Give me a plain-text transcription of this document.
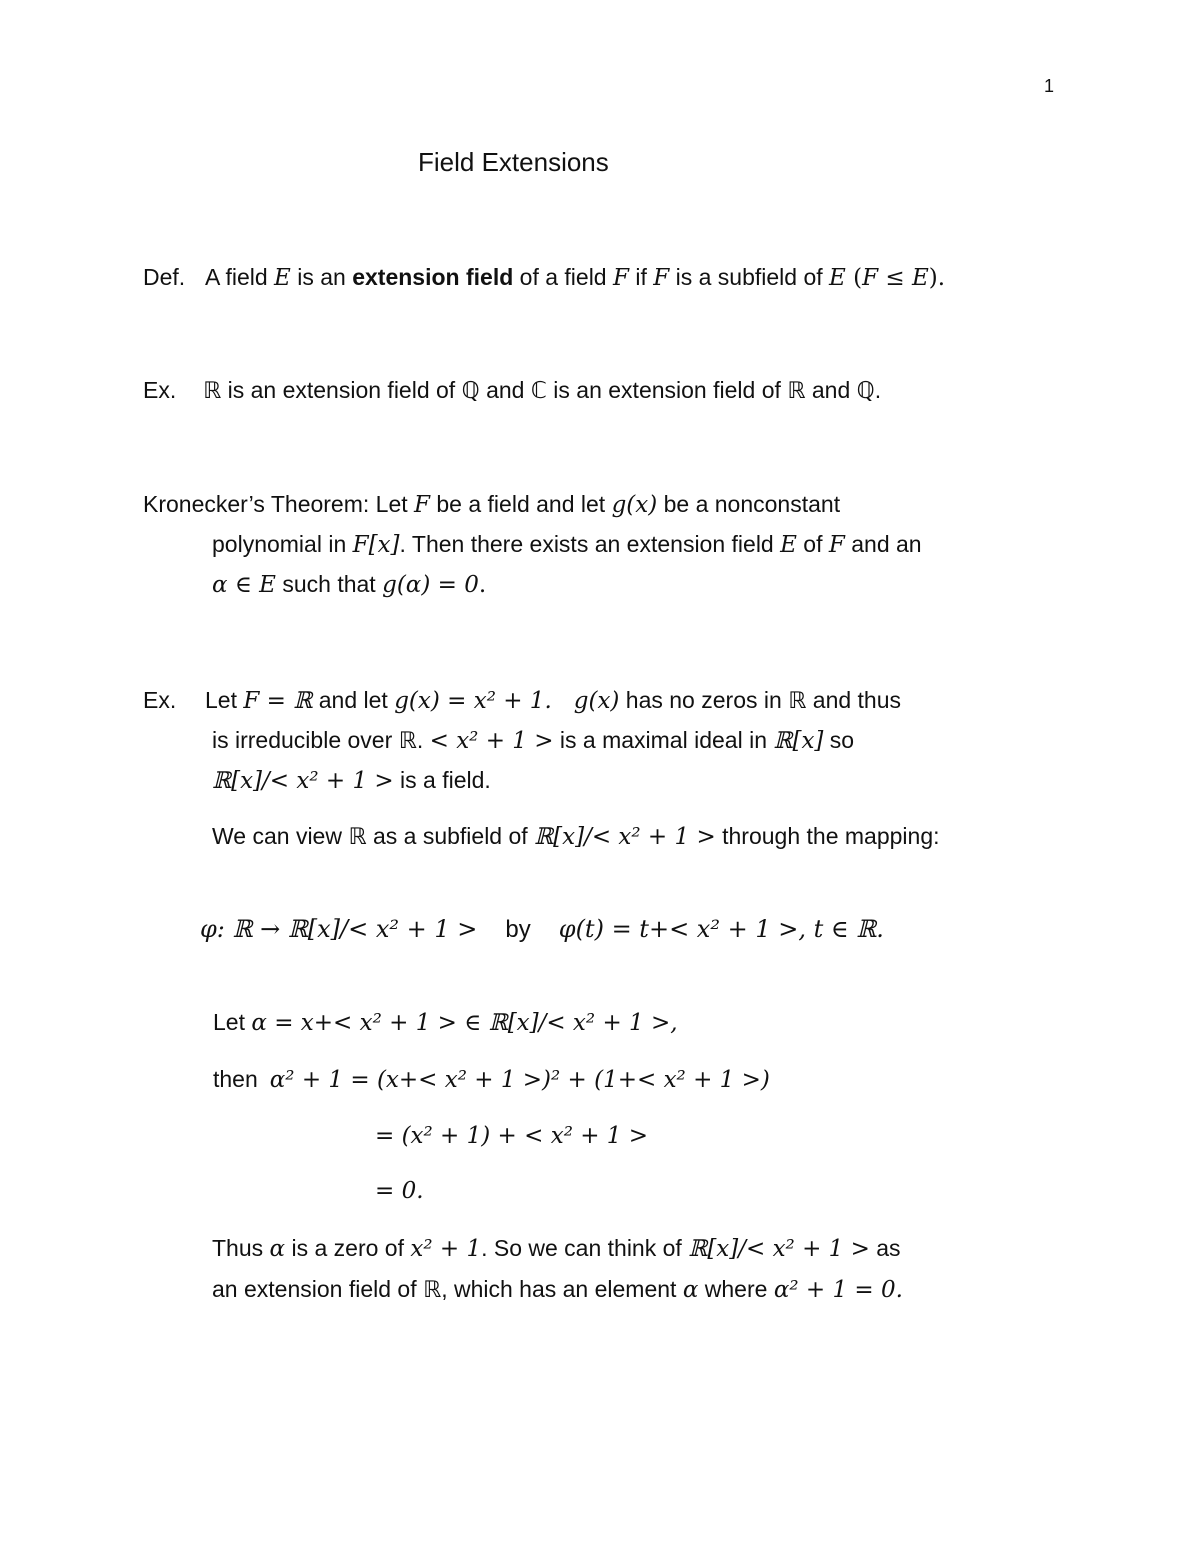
1
Field Extensions
Def. A field E is an extension field of a field F if F is a subfield of E (F ≤ E).
Ex. ℝ is an extension field of ℚ and ℂ is an extension field of ℝ and ℚ.
Kronecker’s Theorem: Let F be a field and let g(x) be a nonconstant
polynomial in F[x]. Then there exists an extension field E of F and an
α ∈ E such that g(α) = 0.
Ex. Let F = ℝ and let g(x) = x² + 1. g(x) has no zeros in ℝ and thus
is irreducible over ℝ. < x² + 1 > is a maximal ideal in ℝ[x] so
ℝ[x]/< x² + 1 > is a field.
We can view ℝ as a subfield of ℝ[x]/< x² + 1 > through the mapping:
φ: ℝ → ℝ[x]/< x² + 1 > by φ(t) = t+< x² + 1 >, t ∈ ℝ.
Let α = x+< x² + 1 > ∈ ℝ[x]/< x² + 1 >,
then α² + 1 = (x+< x² + 1 >)² + (1+< x² + 1 >)
= (x² + 1) + < x² + 1 >
= 0.
Thus α is a zero of x² + 1. So we can think of ℝ[x]/< x² + 1 > as
an extension field of ℝ, which has an element α where α² + 1 = 0.
